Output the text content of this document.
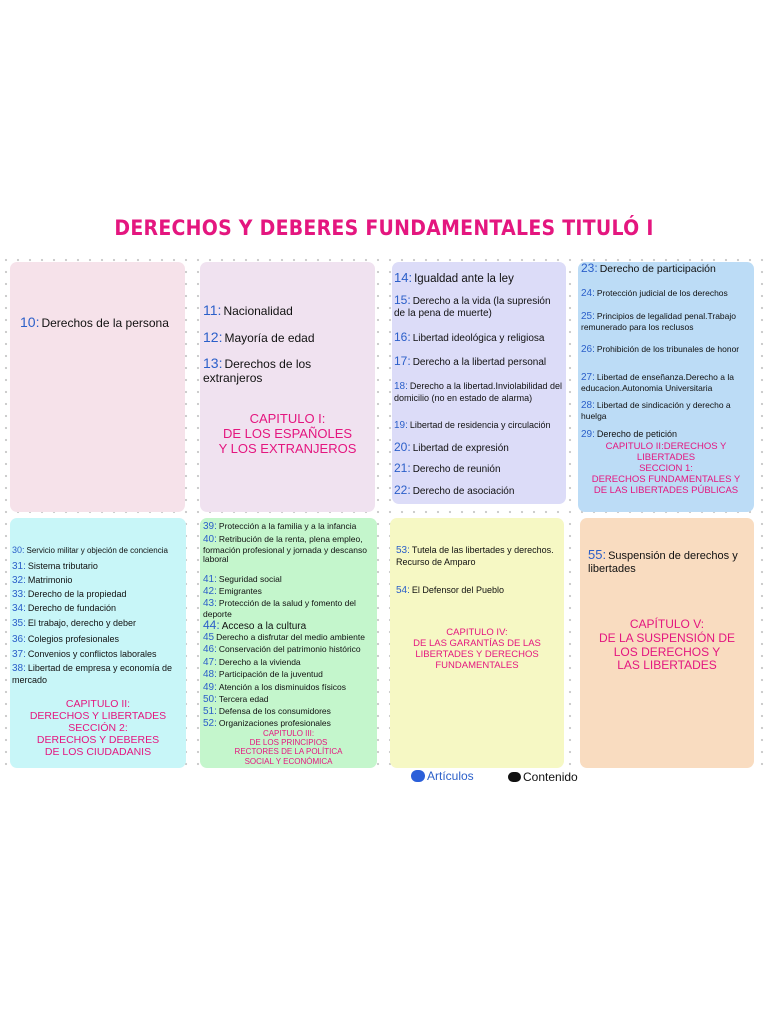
DERECHOS Y DEBERES FUNDAMENTALES TITULÓ I
10: Derechos de la persona
11: Nacionalidad
12: Mayoría de edad
13: Derechos de los extranjeros
CAPITULO I:
DE LOS ESPAÑOLES
Y LOS EXTRANJEROS
14: Igualdad ante la ley
15: Derecho a la vida (la supresión de la pena de muerte)
16: Libertad ideológica y religiosa
17: Derecho a la libertad personal
18: Derecho a la libertad.Inviolabilidad del domicilio (no en estado de alarma)
19: Libertad de residencia y circulación
20: Libertad de expresión
21: Derecho de reunión
22: Derecho de asociación
23: Derecho de participación
24: Protección judicial de los derechos
25: Principios de legalidad penal.Trabajo remunerado para los reclusos
26: Prohibición de los tribunales de honor
27: Libertad de enseñanza.Derecho a la educacion.Autonomia Universitaria
28: Libertad de sindicación y derecho a huelga
29: Derecho de petición
CAPITULO II:DERECHOS Y
LIBERTADES
SECCION 1:
DERECHOS FUNDAMENTALES Y
DE LAS LIBERTADES PÚBLICAS
30: Servicio militar y objeción de conciencia
31: Sistema tributario
32: Matrimonio
33: Derecho de la propiedad
34: Derecho de fundación
35: El trabajo, derecho y deber
36: Colegios profesionales
37: Convenios y conflictos laborales
38: Libertad de empresa y economía de mercado
CAPITULO II:
DERECHOS Y LIBERTADES
SECCIÓN 2:
DERECHOS Y DEBERES
DE LOS CIUDADANIS
39: Protección a la familia y a la infancia
40: Retribución de la renta, plena empleo, formación profesional y jornada y descanso laboral
41: Seguridad social
42: Emigrantes
43: Protección de la salud y fomento del deporte
44: Acceso a la cultura
45 Derecho a disfrutar del medio ambiente
46: Conservación del patrimonio histórico
47: Derecho a la vivienda
48: Participación de la juventud
49: Atención a los disminuidos físicos
50: Tercera edad
51: Defensa de los consumidores
52: Organizaciones profesionales
CAPITULO III:
DE LOS PRINCIPIOS
RECTORES DE LA POLÍTICA
SOCIAL Y ECONÓMICA
53: Tutela de las libertades y derechos. Recurso de Amparo
54: El Defensor del Pueblo
CAPITULO IV:
DE LAS GARANTÍAS DE LAS
LIBERTADES Y DERECHOS
FUNDAMENTALES
55: Suspensión de derechos y libertades
CAPÍTULO V:
DE LA SUSPENSIÓN DE
LOS DERECHOS Y
LAS LIBERTADES
Artículos	Contenido
